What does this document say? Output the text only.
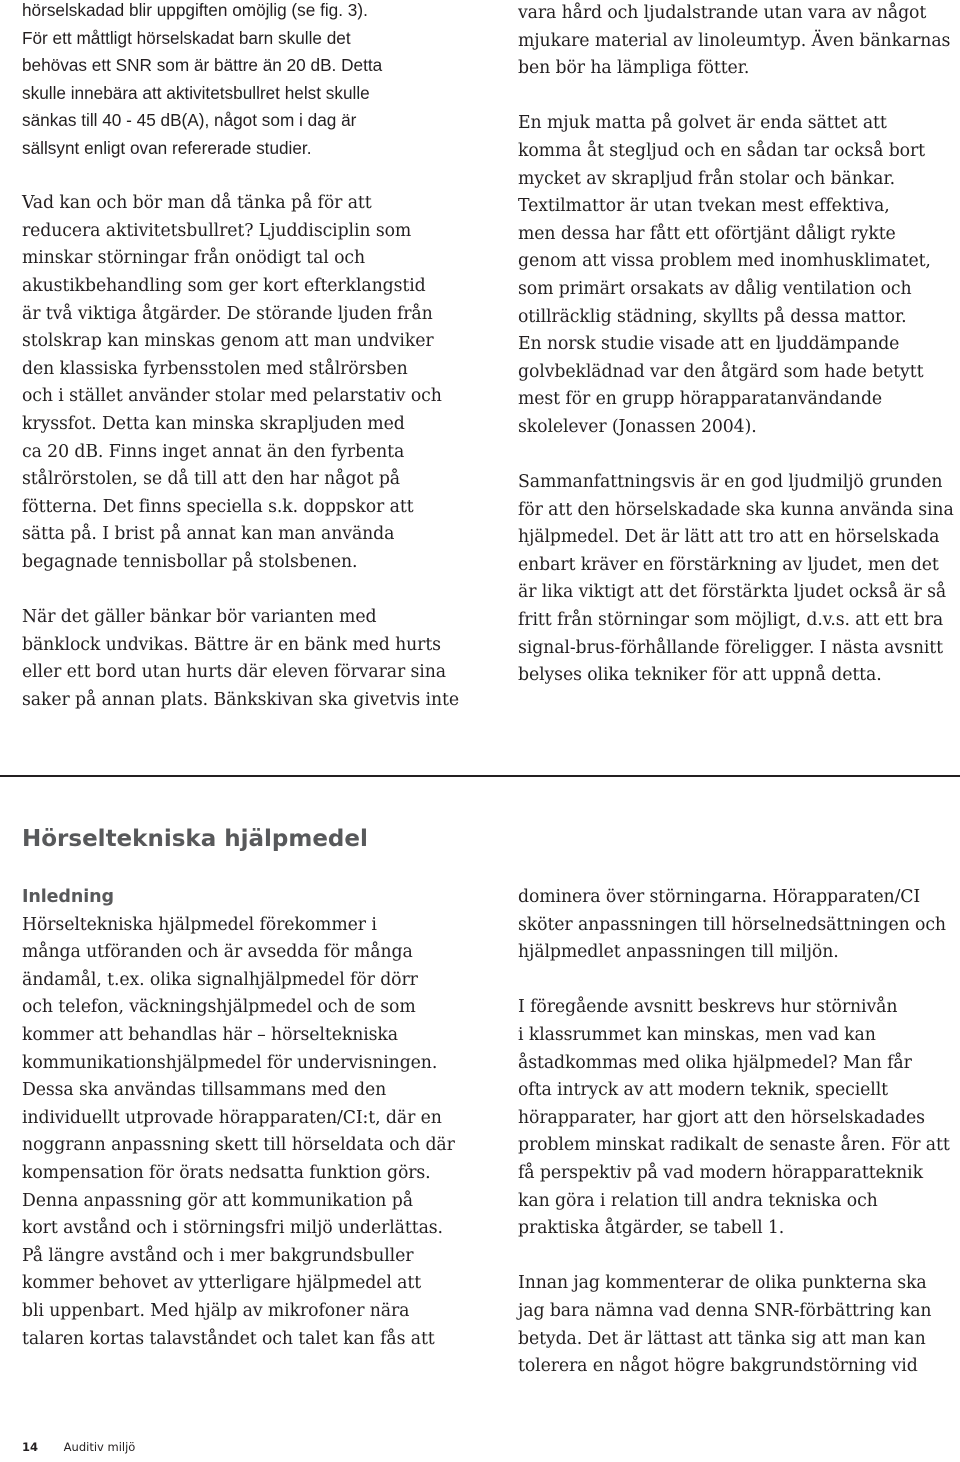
hörselskadad blir uppgiften omöjlig (se fig. 3).
För ett måttligt hörselskadat barn skulle det
behövas ett SNR som är bättre än 20 dB. Detta
skulle innebära att aktivitetsbullret helst skulle
sänkas till 40 - 45 dB(A), något som i dag är
sällsynt enligt ovan refererade studier.

Vad kan och bör man då tänka på för att
reducera aktivitetsbullret? Ljuddisciplin som
minskar störningar från onödigt tal och
akustikbehandling som ger kort efterklangstid
är två viktiga åtgärder. De störande ljuden från
stolskrap kan minskas genom att man undviker
den klassiska fyrbensstolen med stålrörsben
och i stället använder stolar med pelarstativ och
kryssfot. Detta kan minska skrapljuden med
ca 20 dB. Finns inget annat än den fyrbenta
stålrörstolen, se då till att den har något på
fötterna. Det finns speciella s.k. doppskor att
sätta på. I brist på annat kan man använda
begagnade tennisbollar på stolsbenen.

När det gäller bänkar bör varianten med
bänklock undvikas. Bättre är en bänk med hurts
eller ett bord utan hurts där eleven förvarar sina
saker på annan plats. Bänkskivan ska givetvis inte

vara hård och ljudalstrande utan vara av något
mjukare material av linoleumtyp. Även bänkarnas
ben bör ha lämpliga fötter.

En mjuk matta på golvet är enda sättet att
komma åt stegljud och en sådan tar också bort
mycket av skrapljud från stolar och bänkar.
Textilmattor är utan tvekan mest effektiva,
men dessa har fått ett oförtjänt dåligt rykte
genom att vissa problem med inomhusklimatet,
som primärt orsakats av dålig ventilation och
otillräcklig städning, skyllts på dessa mattor.
En norsk studie visade att en ljuddämpande
golvbeklädnad var den åtgärd som hade betytt
mest för en grupp hörapparatanvändande
skolelever (Jonassen 2004).

Sammanfattningsvis är en god ljudmiljö grunden
för att den hörselskadade ska kunna använda sina
hjälpmedel. Det är lätt att tro att en hörselskada
enbart kräver en förstärkning av ljudet, men det
är lika viktigt att det förstärkta ljudet också är så
fritt från störningar som möjligt, d.v.s. att ett bra
signal-brus-förhållande föreligger. I nästa avsnitt
belyses olika tekniker för att uppnå detta.

Hörseltekniska hjälpmedel
Inledning

Hörseltekniska hjälpmedel förekommer i
många utföranden och är avsedda för många
ändamål, t.ex. olika signalhjälpmedel för dörr
och telefon, väckningshjälpmedel och de som
kommer att behandlas här – hörseltekniska
kommunikationshjälpmedel för undervisningen.
Dessa ska användas tillsammans med den
individuellt utprovade hörapparaten/CI:t, där en
noggrann anpassning skett till hörseldata och där
kompensation för örats nedsatta funktion görs.
Denna anpassning gör att kommunikation på
kort avstånd och i störningsfri miljö underlättas.
På längre avstånd och i mer bakgrundsbuller
kommer behovet av ytterligare hjälpmedel att
bli uppenbart. Med hjälp av mikrofoner nära
talaren kortas talavståndet och talet kan fås att

dominera över störningarna. Hörapparaten/CI
sköter anpassningen till hörselnedsättningen och
hjälpmedlet anpassningen till miljön.

I föregående avsnitt beskrevs hur störnivån
i klassrummet kan minskas, men vad kan
åstadkommas med olika hjälpmedel? Man får
ofta intryck av att modern teknik, speciellt
hörapparater, har gjort att den hörselskadades
problem minskat radikalt de senaste åren. För att
få perspektiv på vad modern hörapparatteknik
kan göra i relation till andra tekniska och
praktiska åtgärder, se tabell 1.

Innan jag kommenterar de olika punkterna ska
jag bara nämna vad denna SNR-förbättring kan
betyda. Det är lättast att tänka sig att man kan
tolerera en något högre bakgrundstörning vid

14 Auditiv miljö
